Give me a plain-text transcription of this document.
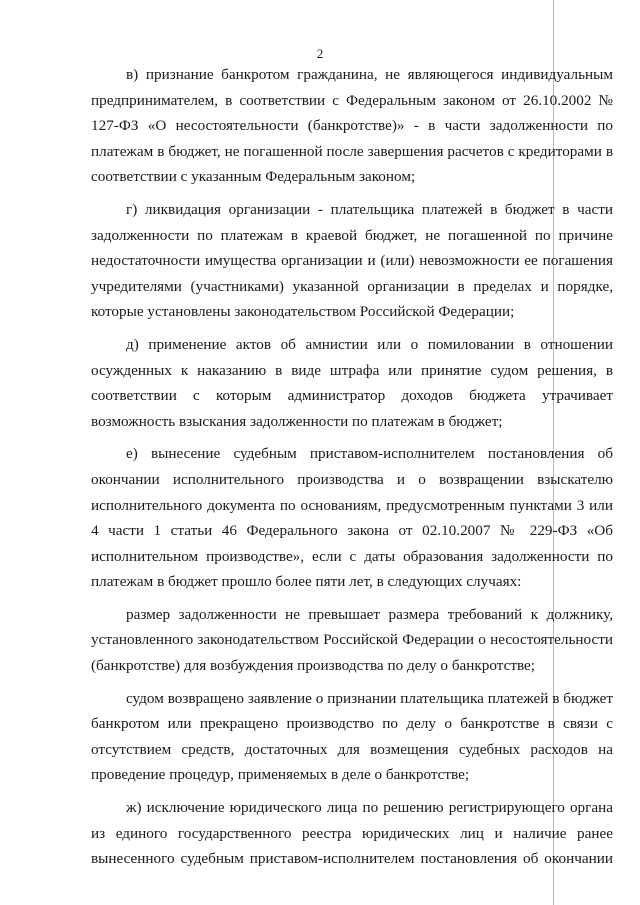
2

в) признание банкротом гражданина, не являющегося индивидуальным предпринимателем, в соответствии с Федеральным законом от 26.10.2002 № 127-ФЗ «О несостоятельности (банкротстве)» - в части задолженности по платежам в бюджет, не погашенной после завершения расчетов с кредиторами в соответствии с указанным Федеральным законом;

г) ликвидация организации - плательщика платежей в бюджет в части задолженности по платежам в краевой бюджет, не погашенной по причине недостаточности имущества организации и (или) невозможности ее погашения учредителями (участниками) указанной организации в пределах и порядке, которые установлены законодательством Российской Федерации;

д) применение актов об амнистии или о помиловании в отношении осужденных к наказанию в виде штрафа или принятие судом решения, в соответствии с которым администратор доходов бюджета утрачивает возможность взыскания задолженности по платежам в бюджет;

е) вынесение судебным приставом-исполнителем постановления об окончании исполнительного производства и о возвращении взыскателю исполнительного документа по основаниям, предусмотренным пунктами 3 или 4 части 1 статьи 46 Федерального закона от 02.10.2007 № 229-ФЗ «Об исполнительном производстве», если с даты образования задолженности по платежам в бюджет прошло более пяти лет, в следующих случаях:

размер задолженности не превышает размера требований к должнику, установленного законодательством Российской Федерации о несостоятельности (банкротстве) для возбуждения производства по делу о банкротстве;

судом возвращено заявление о признании плательщика платежей в бюджет банкротом или прекращено производство по делу о банкротстве в связи с отсутствием средств, достаточных для возмещения судебных расходов на проведение процедур, применяемых в деле о банкротстве;

ж) исключение юридического лица по решению регистрирующего органа из единого государственного реестра юридических лиц и наличие ранее вынесенного судебным приставом-исполнителем постановления об окончании
